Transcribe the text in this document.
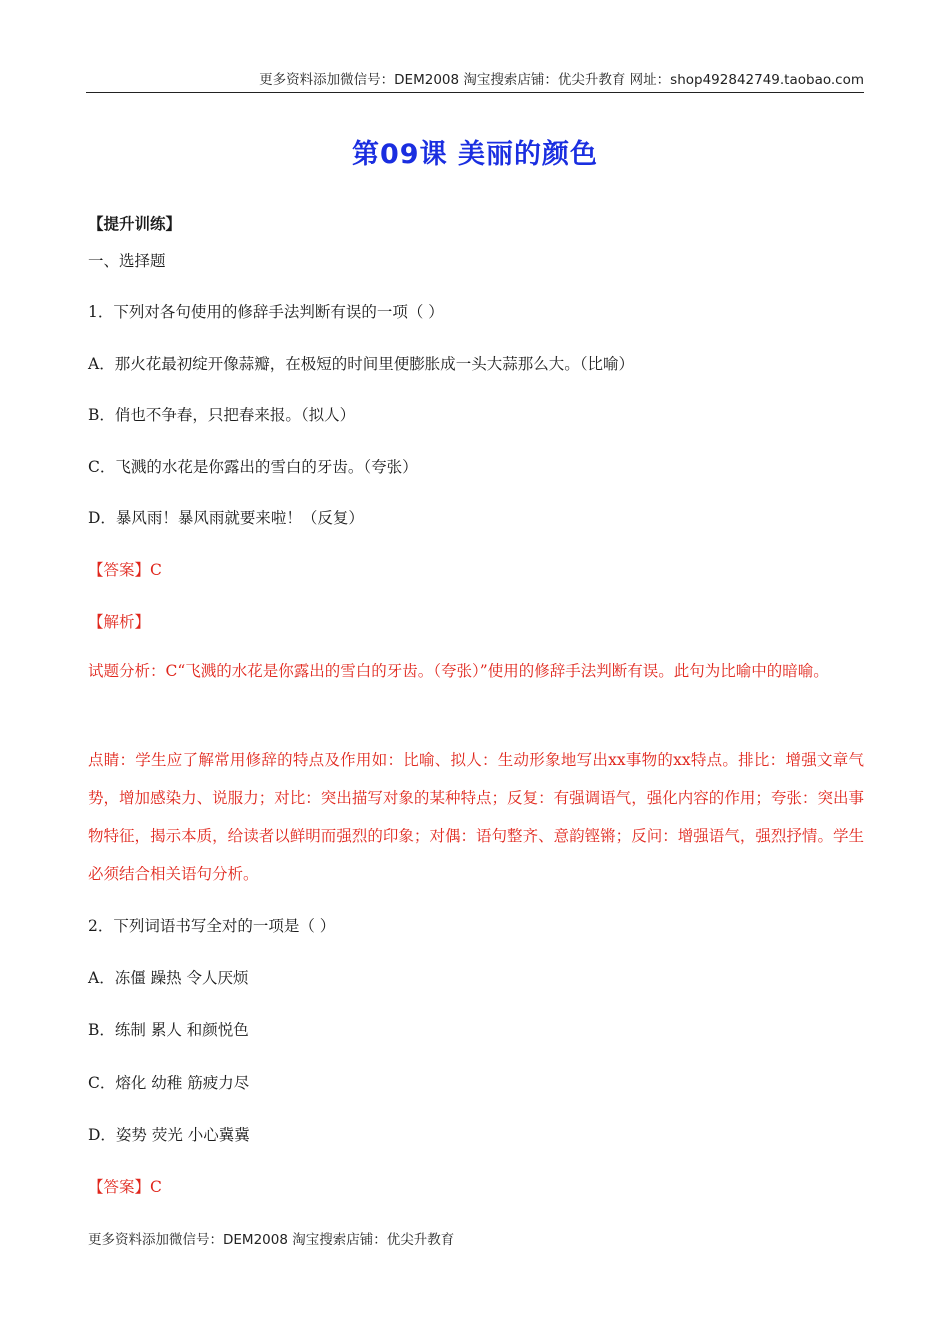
更多资料添加微信号：DEM2008 淘宝搜索店铺：优尖升教育 网址：shop492842749.taobao.com
第09课 美丽的颜色
【提升训练】
一、选择题
1．下列对各句使用的修辞手法判断有误的一项（ ）
A．那火花最初绽开像蒜瓣，在极短的时间里便膨胀成一头大蒜那么大。（比喻）
B．俏也不争春，只把春来报。（拟人）
C．飞溅的水花是你露出的雪白的牙齿。（夸张）
D．暴风雨！暴风雨就要来啦！（反复）
【答案】C
【解析】
试题分析：C“飞溅的水花是你露出的雪白的牙齿。（夸张）”使用的修辞手法判断有误。此句为比喻中的暗喻。
点睛：学生应了解常用修辞的特点及作用如：比喻、拟人：生动形象地写出xx事物的xx特点。排比：增强文章气势，增加感染力、说服力；对比：突出描写对象的某种特点；反复：有强调语气，强化内容的作用；夸张：突出事物特征，揭示本质，给读者以鲜明而强烈的印象；对偶：语句整齐、意韵铿锵；反问：增强语气，强烈抒情。学生必须结合相关语句分析。
2．下列词语书写全对的一项是（ ）
A．冻僵 躁热 令人厌烦
B．练制 累人 和颜悦色
C．熔化 幼稚 筋疲力尽
D．姿势 荧光 小心冀冀
【答案】C
更多资料添加微信号：DEM2008 淘宝搜索店铺：优尖升教育
